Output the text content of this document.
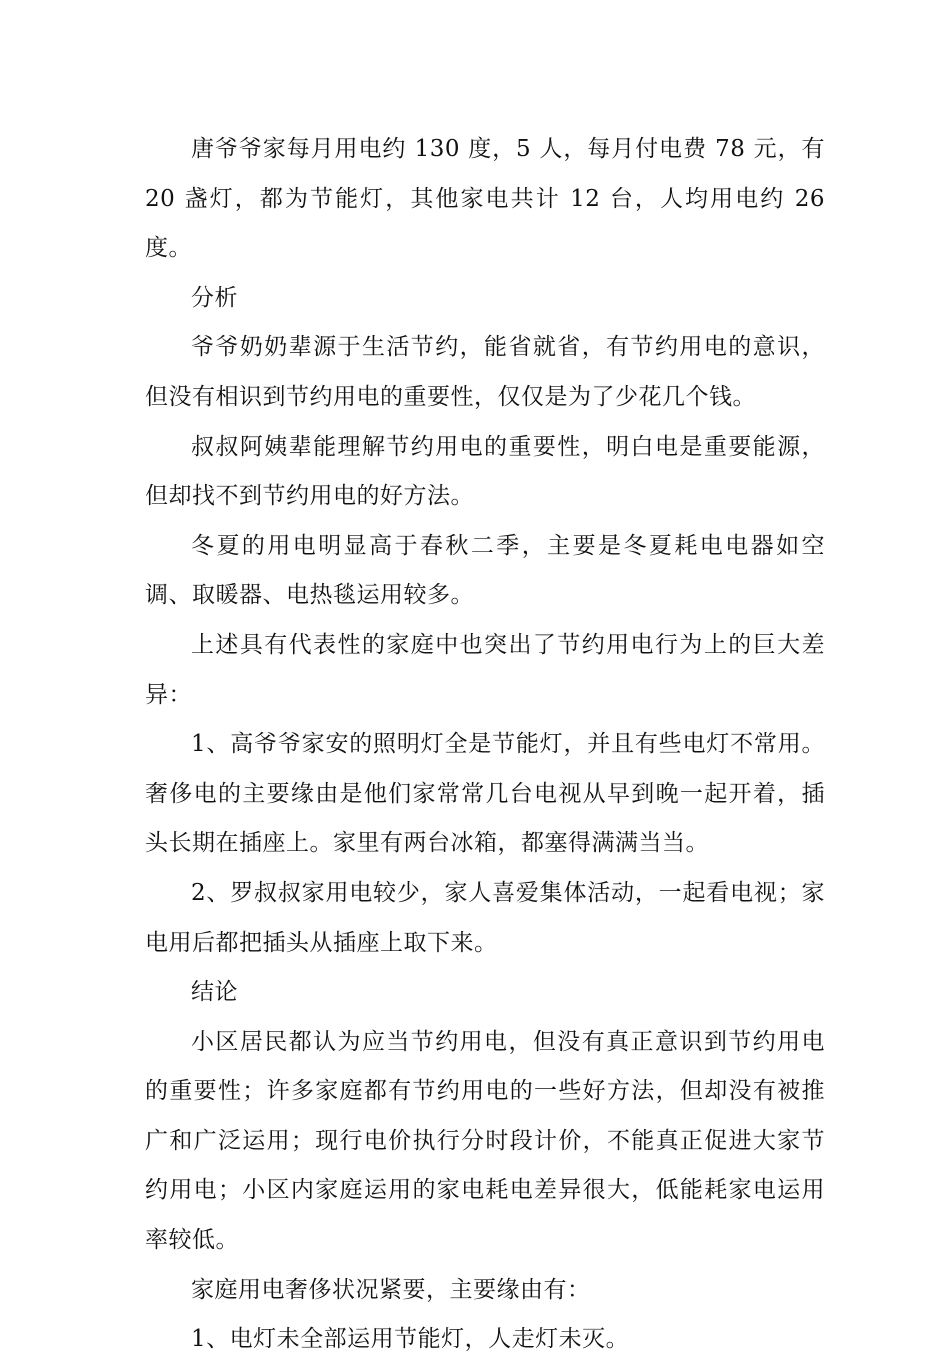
唐爷爷家每月用电约 130 度，5 人，每月付电费 78 元，有 20 盏灯，都为节能灯，其他家电共计 12 台，人均用电约 26 度。

分析

爷爷奶奶辈源于生活节约，能省就省，有节约用电的意识，但没有相识到节约用电的重要性，仅仅是为了少花几个钱。

叔叔阿姨辈能理解节约用电的重要性，明白电是重要能源，但却找不到节约用电的好方法。

冬夏的用电明显高于春秋二季，主要是冬夏耗电电器如空调、取暖器、电热毯运用较多。

上述具有代表性的家庭中也突出了节约用电行为上的巨大差异：

1、高爷爷家安的照明灯全是节能灯，并且有些电灯不常用。奢侈电的主要缘由是他们家常常几台电视从早到晚一起开着，插头长期在插座上。家里有两台冰箱，都塞得满满当当。

2、罗叔叔家用电较少，家人喜爱集体活动，一起看电视；家电用后都把插头从插座上取下来。

结论

小区居民都认为应当节约用电，但没有真正意识到节约用电的重要性；许多家庭都有节约用电的一些好方法，但却没有被推广和广泛运用；现行电价执行分时段计价，不能真正促进大家节约用电；小区内家庭运用的家电耗电差异很大，低能耗家电运用率较低。

家庭用电奢侈状况紧要，主要缘由有：

1、电灯未全部运用节能灯，人走灯未灭。
